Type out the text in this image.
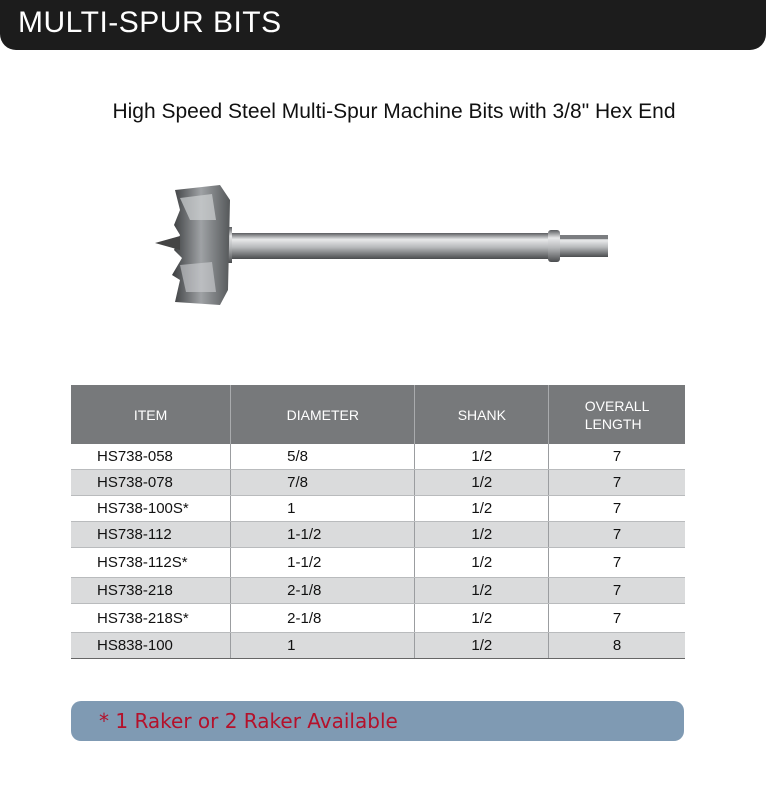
MULTI-SPUR BITS
High Speed Steel Multi-Spur Machine Bits with 3/8" Hex End
ITEM	DIAMETER	SHANK	OVERALL
LENGTH
HS738-058	5/8	1/2	7
HS738-078	7/8	1/2	7
HS738-100S*	1	1/2	7
HS738-112	1-1/2	1/2	7
HS738-112S*	1-1/2	1/2	7
HS738-218	2-1/8	1/2	7
HS738-218S*	2-1/8	1/2	7
HS838-100	1	1/2	8
* 1 Raker or 2 Raker Available
